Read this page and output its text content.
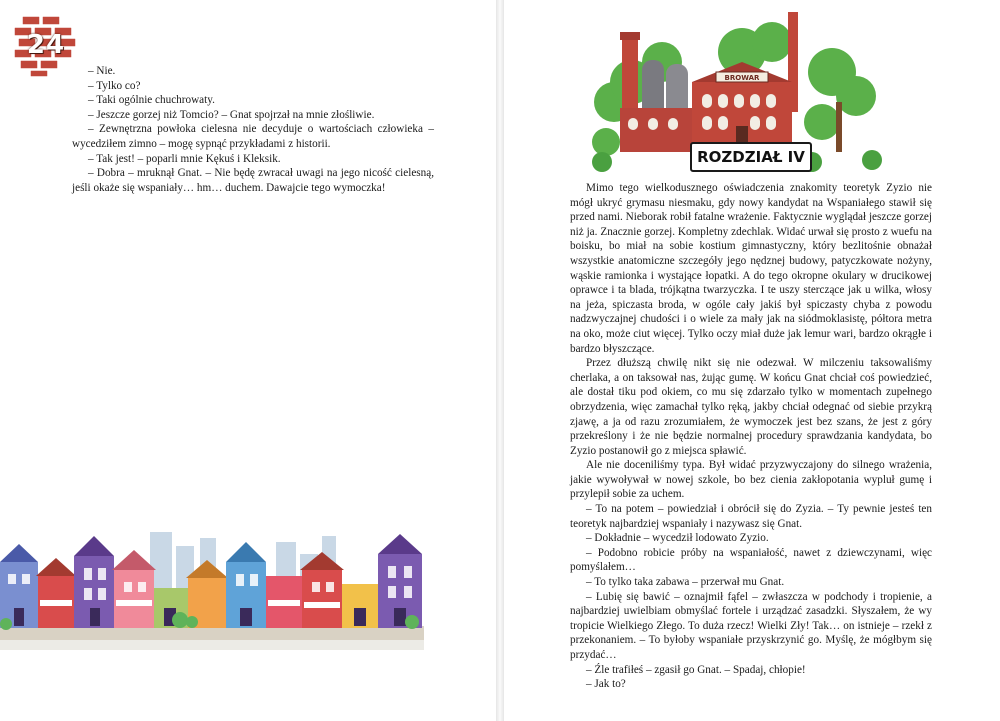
24

– Nie.

– Tylko co?

– Taki ogólnie chuchrowaty.

– Jeszcze gorzej niż Tomcio? – Gnat spojrzał na mnie złośliwie.

– Zewnętrzna powłoka cielesna nie decyduje o wartościach człowieka – wycedziłem zimno – mogę sypnąć przykładami z historii.

– Tak jest! – poparli mnie Kękuś i Kleksik.

– Dobra – mruknął Gnat. – Nie będę zwracał uwagi na jego nicość cielesną, jeśli okaże się wspaniały… hm… duchem. Dawajcie tego wymoczka!

BROWAR
ROZDZIAŁ IV

Mimo tego wielkodusznego oświadczenia znakomity teoretyk Zyzio nie mógł ukryć grymasu niesmaku, gdy nowy kandydat na Wspaniałego stawił się przed nami. Nieborak robił fatalne wrażenie. Faktycznie wyglądał jeszcze gorzej niż ja. Znacznie gorzej. Kompletny zdechlak. Widać urwał się prosto z wuefu na boisku, bo miał na sobie kostium gimnastyczny, który bezlitośnie obnażał wszystkie anatomiczne szczegóły jego nędznej budowy, patyczkowate nożyny, wąskie ramionka i wystające łopatki. A do tego okropne okulary w drucikowej oprawce i ta blada, trójkątna twarzyczka. I te uszy sterczące jak u wilka, włosy na jeża, spiczasta broda, w ogóle cały jakiś był spiczasty chyba z powodu nadzwyczajnej chudości i o wiele za mały jak na siódmoklasistę, półtora metra na oko, może ciut więcej. Tylko oczy miał duże jak lemur wari, bardzo okrągłe i bardzo błyszczące.

Przez dłuższą chwilę nikt się nie odezwał. W milczeniu taksowaliśmy cherlaka, a on taksował nas, żując gumę. W końcu Gnat chciał coś powiedzieć, ale dostał tiku pod okiem, co mu się zdarzało tylko w momentach zupełnego obrzydzenia, więc zamachał tylko ręką, jakby chciał odegnać od siebie przykrą zjawę, a ja od razu zrozumiałem, że wymoczek jest bez szans, że jest z góry przekreślony i że nie będzie normalnej procedury sprawdzania kandydata, bo Zyzio postanowił go z miejsca spławić.

Ale nie doceniliśmy typa. Był widać przyzwyczajony do silnego wrażenia, jakie wywoływał w nowej szkole, bo bez cienia zakłopotania wypluł gumę i przylepił sobie za uchem.

– To na potem – powiedział i obrócił się do Zyzia. – Ty pewnie jesteś ten teoretyk najbardziej wspaniały i nazywasz się Gnat.

– Dokładnie – wycedził lodowato Zyzio.

– Podobno robicie próby na wspaniałość, nawet z dziewczynami, więc pomyślałem…

– To tylko taka zabawa – przerwał mu Gnat.

– Lubię się bawić – oznajmił fąfel – zwłaszcza w podchody i tropienie, a najbardziej uwielbiam obmyślać fortele i urządzać zasadzki. Słyszałem, że wy tropicie Wielkiego Złego. To duża rzecz! Wielki Zły! Tak… on istnieje – rzekł z przekonaniem. – To byłoby wspaniałe przyskrzynić go. Myślę, że mógłbym się przydać…

– Źle trafiłeś – zgasił go Gnat. – Spadaj, chłopie!

– Jak to?
